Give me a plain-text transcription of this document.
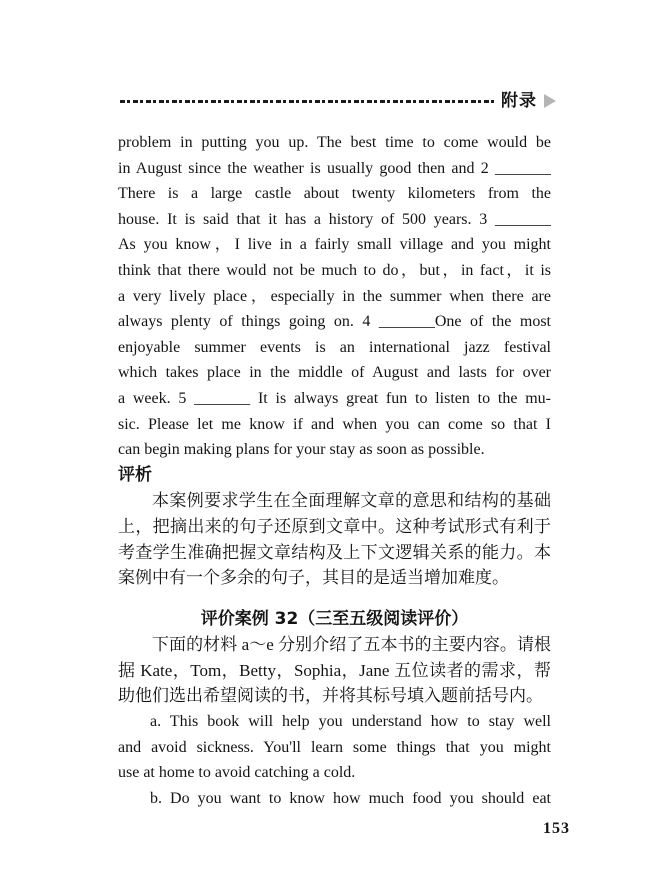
附录
problem in putting you up. The best time to come would be
in August since the weather is usually good then and 2 _______
There is a large castle about twenty kilometers from the
house. It is said that it has a history of 500 years. 3 _______
As you know，I live in a fairly small village and you might
think that there would not be much to do，but，in fact，it is
a very lively place，especially in the summer when there are
always plenty of things going on. 4 _______One of the most
enjoyable summer events is an international jazz festival
which takes place in the middle of August and lasts for over
a week. 5 _______ It is always great fun to listen to the mu-
sic. Please let me know if and when you can come so that I
can begin making plans for your stay as soon as possible.
评析
本案例要求学生在全面理解文章的意思和结构的基础
上，把摘出来的句子还原到文章中。这种考试形式有利于
考查学生准确把握文章结构及上下文逻辑关系的能力。本
案例中有一个多余的句子，其目的是适当增加难度。
评价案例 32（三至五级阅读评价）
下面的材料 a～e 分别介绍了五本书的主要内容。请根
据 Kate，Tom，Betty，Sophia，Jane 五位读者的需求，帮
助他们选出希望阅读的书，并将其标号填入题前括号内。
a. This book will help you understand how to stay well
and avoid sickness. You'll learn some things that you might
use at home to avoid catching a cold.
b. Do you want to know how much food you should eat
153
